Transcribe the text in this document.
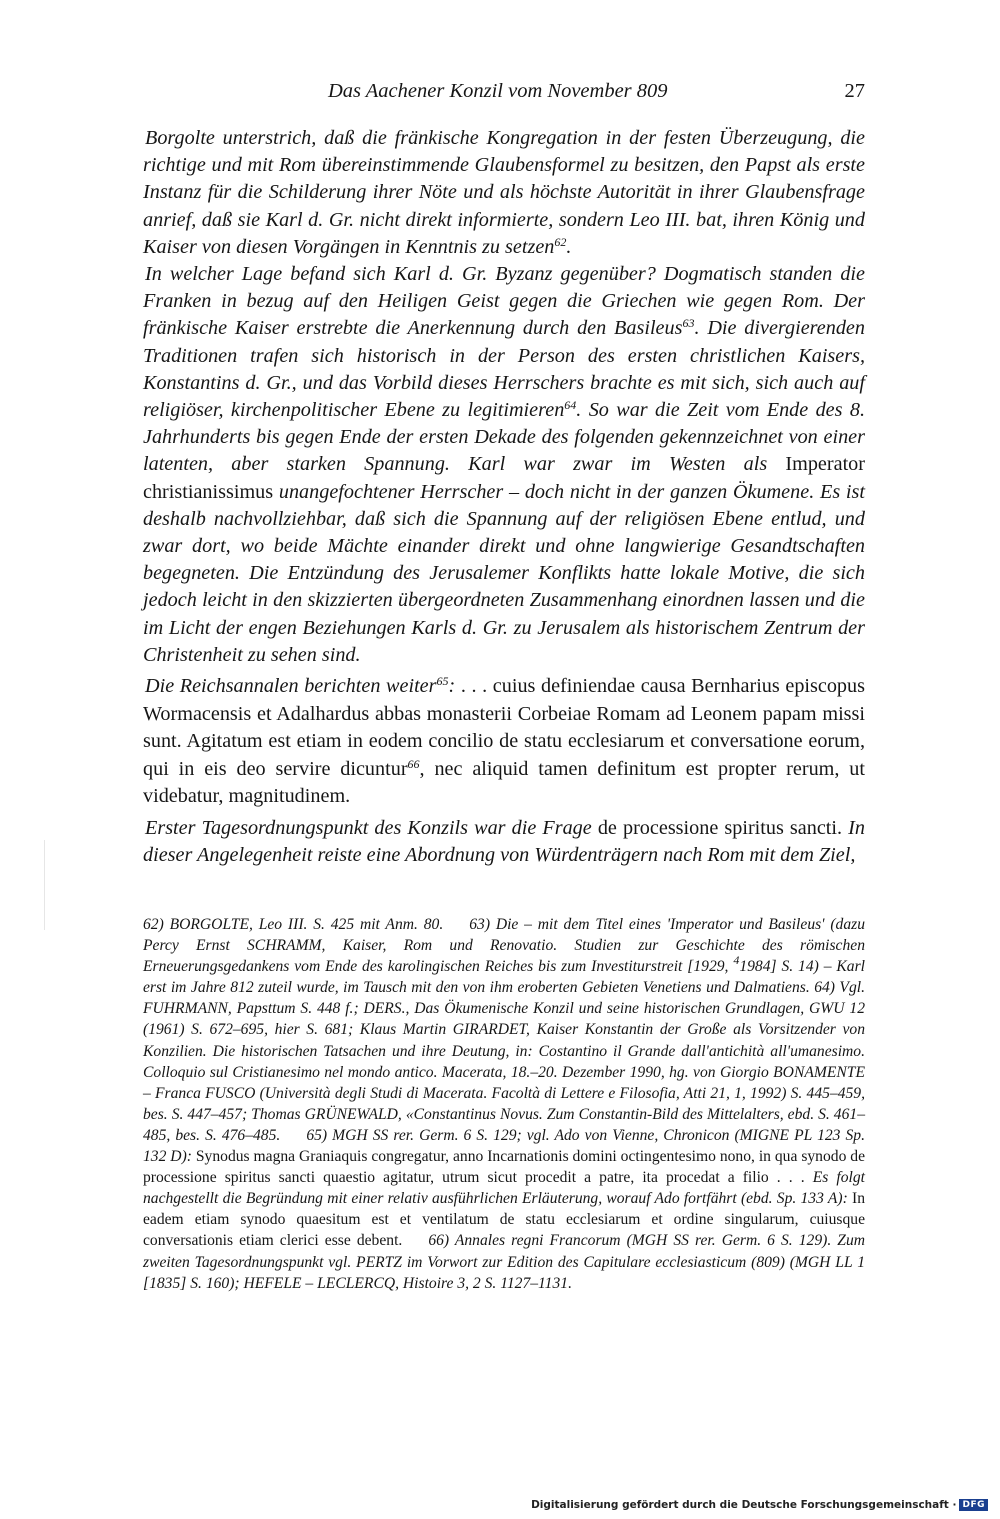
Das Aachener Konzil vom November 809	27

Borgolte unterstrich, daß die fränkische Kongregation in der festen Überzeugung, die richtige und mit Rom übereinstimmende Glaubensformel zu besitzen, den Papst als erste Instanz für die Schilderung ihrer Nöte und als höchste Autorität in ihrer Glaubensfrage anrief, daß sie Karl d. Gr. nicht direkt informierte, sondern Leo III. bat, ihren König und Kaiser von diesen Vorgängen in Kenntnis zu setzen$^{62}$.

In welcher Lage befand sich Karl d. Gr. Byzanz gegenüber? Dogmatisch standen die Franken in bezug auf den Heiligen Geist gegen die Griechen wie gegen Rom. Der fränkische Kaiser erstrebte die Anerkennung durch den Basileus$^{63}$. Die divergierenden Traditionen trafen sich historisch in der Person des ersten christlichen Kaisers, Konstantins d. Gr., und das Vorbild dieses Herrschers brachte es mit sich, sich auch auf religiöser, kirchenpolitischer Ebene zu legitimieren$^{64}$. So war die Zeit vom Ende des 8. Jahrhunderts bis gegen Ende der ersten Dekade des folgenden gekennzeichnet von einer latenten, aber starken Spannung. Karl war zwar im Westen als Imperator christianissimus unangefochtener Herrscher – doch nicht in der ganzen Ökumene. Es ist deshalb nachvollziehbar, daß sich die Spannung auf der religiösen Ebene entlud, und zwar dort, wo beide Mächte einander direkt und ohne langwierige Gesandtschaften begegneten. Die Entzündung des Jerusalemer Konflikts hatte lokale Motive, die sich jedoch leicht in den skizzierten übergeordneten Zusammenhang einordnen lassen und die im Licht der engen Beziehungen Karls d. Gr. zu Jerusalem als historischem Zentrum der Christenheit zu sehen sind.

Die Reichsannalen berichten weiter$^{65}$: . . . cuius definiendae causa Bernharius episcopus Wormacensis et Adalhardus abbas monasterii Corbeiae Romam ad Leonem papam missi sunt. Agitatum est etiam in eodem concilio de statu ecclesiarum et conversatione eorum, qui in eis deo servire dicuntur$^{66}$, nec aliquid tamen definitum est propter rerum, ut videbatur, magnitudinem.

Erster Tagesordnungspunkt des Konzils war die Frage de processione spiritus sancti. In dieser Angelegenheit reiste eine Abordnung von Würdenträgern nach Rom mit dem Ziel,

62) BORGOLTE, Leo III. S. 425 mit Anm. 80. 63) Die – mit dem Titel eines 'Imperator und Basileus' (dazu Percy Ernst SCHRAMM, Kaiser, Rom und Renovatio. Studien zur Geschichte des römischen Erneuerungsgedankens vom Ende des karolingischen Reiches bis zum Investiturstreit [1929, $^4$1984] S. 14) – Karl erst im Jahre 812 zuteil wurde, im Tausch mit den von ihm eroberten Gebieten Venetiens und Dalmatiens. 64) Vgl. FUHRMANN, Papsttum S. 448 f.; DERS., Das Ökumenische Konzil und seine historischen Grundlagen, GWU 12 (1961) S. 672–695, hier S. 681; Klaus Martin GIRARDET, Kaiser Konstantin der Große als Vorsitzender von Konzilien. Die historischen Tatsachen und ihre Deutung, in: Costantino il Grande dall'antichità all'umanesimo. Colloquio sul Cristianesimo nel mondo antico. Macerata, 18.–20. Dezember 1990, hg. von Giorgio BONAMENTE – Franca FUSCO (Università degli Studi di Macerata. Facoltà di Lettere e Filosofia, Atti 21, 1, 1992) S. 445–459, bes. S. 447–457; Thomas GRÜNEWALD, «Constantinus Novus. Zum Constantin-Bild des Mittelalters, ebd. S. 461–485, bes. S. 476–485. 65) MGH SS rer. Germ. 6 S. 129; vgl. Ado von Vienne, Chronicon (MIGNE PL 123 Sp. 132 D): Synodus magna Graniaquis congregatur, anno Incarnationis domini octingentesimo nono, in qua synodo de processione spiritus sancti quaestio agitatur, utrum sicut procedit a patre, ita procedat a filio . . . Es folgt nachgestellt die Begründung mit einer relativ ausführlichen Erläuterung, worauf Ado fortfährt (ebd. Sp. 133 A): In eadem etiam synodo quaesitum est et ventilatum de statu ecclesiarum et ordine singularum, cuiusque conversationis etiam clerici esse debent. 66) Annales regni Francorum (MGH SS rer. Germ. 6 S. 129). Zum zweiten Tagesordnungspunkt vgl. PERTZ im Vorwort zur Edition des Capitulare ecclesiasticum (809) (MGH LL 1 [1835] S. 160); HEFELE – LECLERCQ, Histoire 3, 2 S. 1127–1131.
Digitalisierung gefördert durch die Deutsche Forschungsgemeinschaft · DFG
